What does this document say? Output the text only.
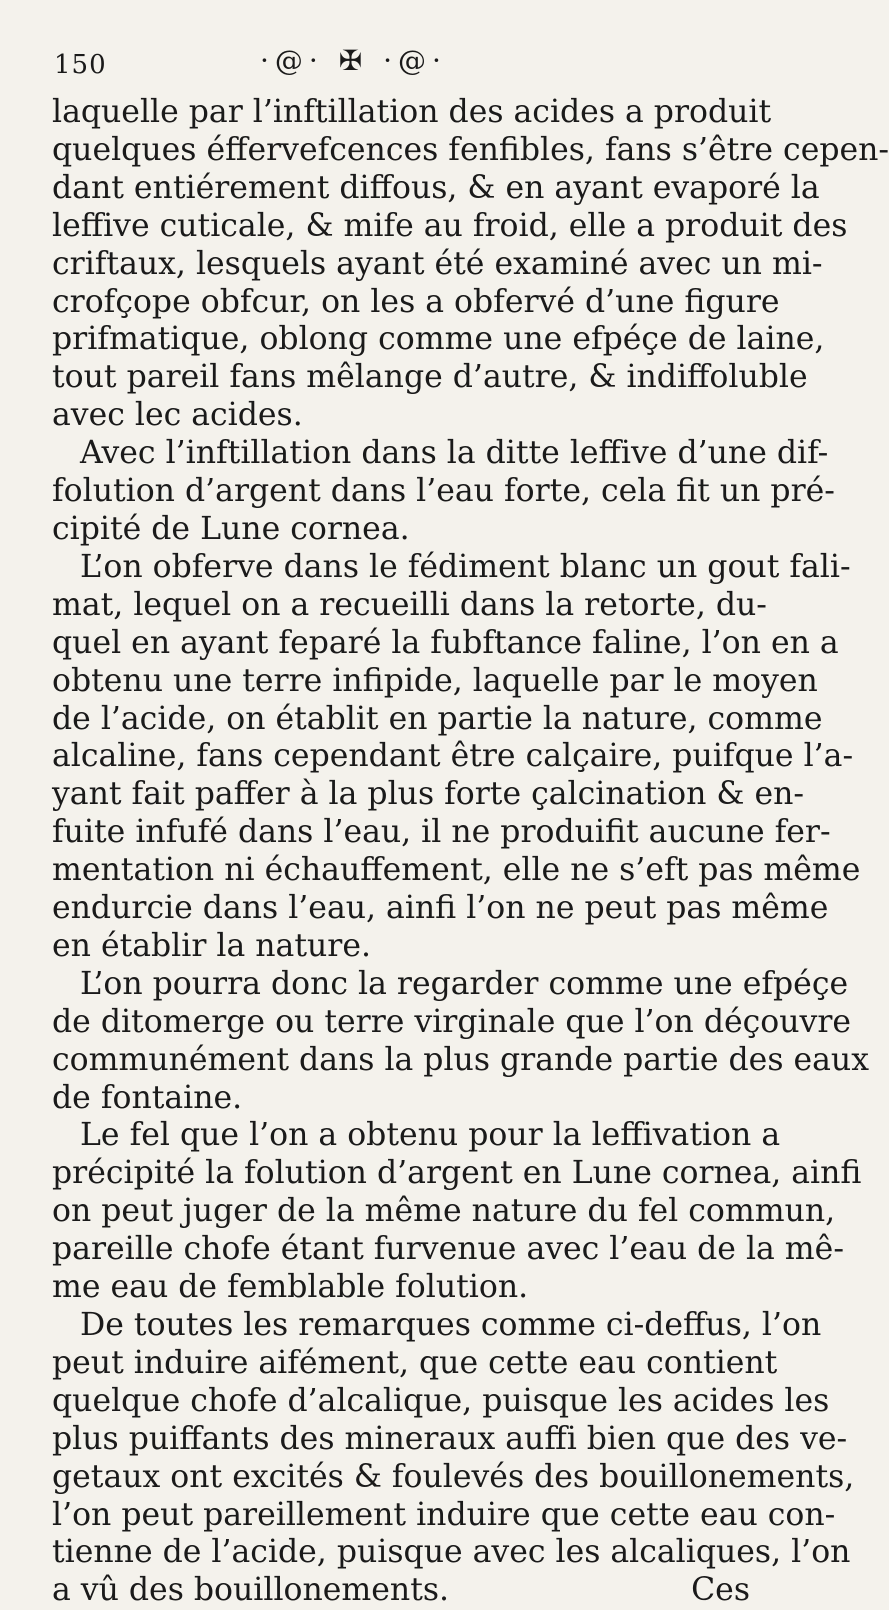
150	·@· ✠ ·@·
laquelle par l’inftillation des acides a produit
quelques éffervefcences fenfibles, fans s’être cepen-
dant entiérement diffous, & en ayant evaporé la
leffive cuticale, & mife au froid, elle a produit des
criftaux, lesquels ayant été examiné avec un mi-
crofçope obfcur, on les a obfervé d’une figure
prifmatique, oblong comme une efpéçe de laine,
tout pareil fans mêlange d’autre, & indiffoluble
avec lec acides.
Avec l’inftillation dans la ditte leffive d’une dif-
folution d’argent dans l’eau forte, cela fit un pré-
cipité de Lune cornea.
L’on obferve dans le fédiment blanc un gout fali-
mat, lequel on a recueilli dans la retorte, du-
quel en ayant feparé la fubftance faline, l’on en a
obtenu une terre infipide, laquelle par le moyen
de l’acide, on établit en partie la nature, comme
alcaline, fans cependant être calçaire, puifque l’a-
yant fait paffer à la plus forte çalcination & en-
fuite infufé dans l’eau, il ne produifit aucune fer-
mentation ni échauffement, elle ne s’eft pas même
endurcie dans l’eau, ainfi l’on ne peut pas même
en établir la nature.
L’on pourra donc la regarder comme une efpéçe
de ditomerge ou terre virginale que l’on déçouvre
communément dans la plus grande partie des eaux
de fontaine.
Le fel que l’on a obtenu pour la leffivation a
précipité la folution d’argent en Lune cornea, ainfi
on peut juger de la même nature du fel commun,
pareille chofe étant furvenue avec l’eau de la mê-
me eau de femblable folution.
De toutes les remarques comme ci-deffus, l’on
peut induire aifément, que cette eau contient
quelque chofe d’alcalique, puisque les acides les
plus puiffants des mineraux auffi bien que des ve-
getaux ont excités & foulevés des bouillonements,
l’on peut pareillement induire que cette eau con-
tienne de l’acide, puisque avec les alcaliques, l’on
a vû des bouillonements.	Ces
